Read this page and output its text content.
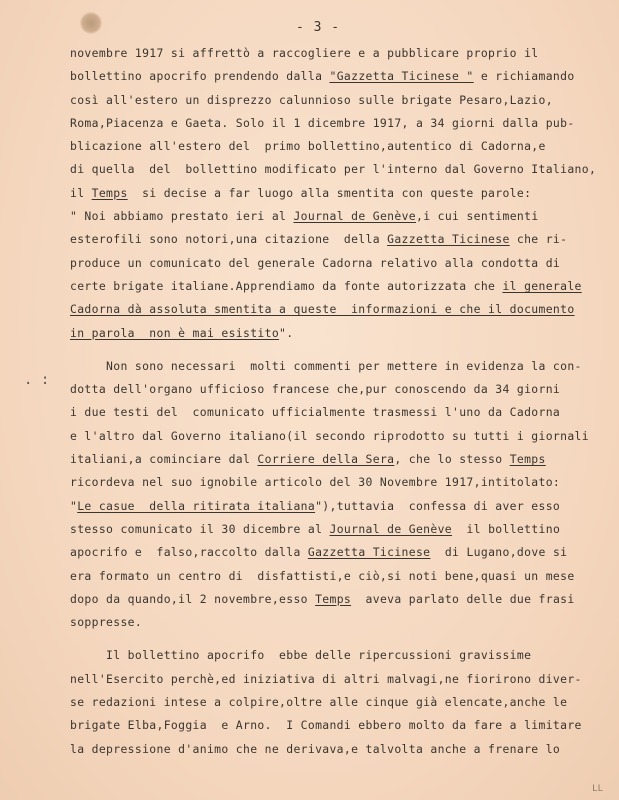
- 3 -
novembre 1917 si affrettò a raccogliere e a pubblicare proprio il
bollettino apocrifo prendendo dalla "Gazzetta Ticinese " e richiamando
così all'estero un disprezzo calunnioso sulle brigate Pesaro,Lazio,
Roma,Piacenza e Gaeta. Solo il 1 dicembre 1917, a 34 giorni dalla pub-
blicazione all'estero del  primo bollettino,autentico di Cadorna,e
di quella  del  bollettino modificato per l'interno dal Governo Italiano,
il Temps  si decise a far luogo alla smentita con queste parole:
" Noi abbiamo prestato ieri al Journal de Genève,i cui sentimenti
esterofili sono notori,una citazione  della Gazzetta Ticinese che ri-
produce un comunicato del generale Cadorna relativo alla condotta di
certe brigate italiane.Apprendiamo da fonte autorizzata che il generale
Cadorna dà assoluta smentita a queste  informazioni e che il documento
in parola  non è mai esistito".
Non sono necessari  molti commenti per mettere in evidenza la con-
dotta dell'organo ufficioso francese che,pur conoscendo da 34 giorni
i due testi del  comunicato ufficialmente trasmessi l'uno da Cadorna
e l'altro dal Governo italiano(il secondo riprodotto su tutti i giornali
italiani,a cominciare dal Corriere della Sera, che lo stesso Temps
ricordeva nel suo ignobile articolo del 30 Novembre 1917,intitolato:
"Le casue  della ritirata italiana"),tuttavia  confessa di aver esso
stesso comunicato il 30 dicembre al Journal de Genève  il bollettino
apocrifo e  falso,raccolto dalla Gazzetta Ticinese  di Lugano,dove si
era formato un centro di  disfattisti,e ciò,si noti bene,quasi un mese
dopo da quando,il 2 novembre,esso Temps  aveva parlato delle due frasi
soppresse.
Il bollettino apocrifo  ebbe delle ripercussioni gravissime
nell'Esercito perchè,ed iniziativa di altri malvagi,ne fiorirono diver-
se redazioni intese a colpire,oltre alle cinque già elencate,anche le
brigate Elba,Foggia  e Arno.  I Comandi ebbero molto da fare a limitare
la depressione d'animo che ne derivava,e talvolta anche a frenare lo
. :
LL
